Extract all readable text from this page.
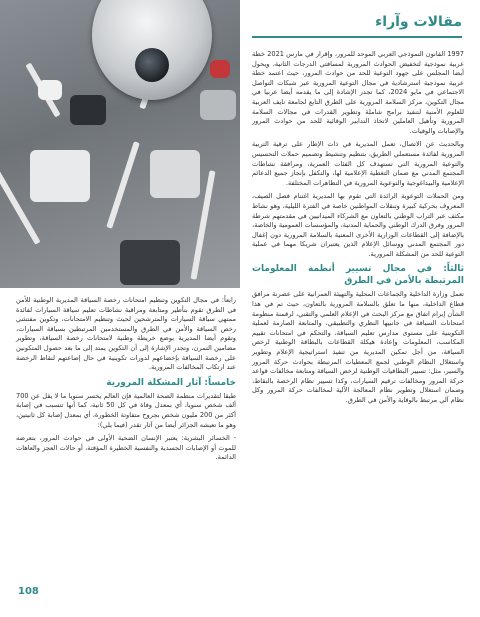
مقالات وآراء

1997 الفانون النموذجي العربي الموحد للمرور، وإقرار في مارس 2021 خطة عربية نموذجية لتخفيض الحوادث المرورية لمسافتي الدرجات الثانية، ويحول أيضا المجلس على جهود التوعية للحد من حوادث المرور، حيث اعتمد خطة عربية نموذجية استرشادية في مجال التوعية المرورية عبر شبكات التواصل الاجتماعي في مايو 2024، كما تجدر الإشادة إلى ما يقدمه أيضا عربيا في مجال التكوين، مركز السلامة المرورية على الطرق التابع لجامعة نايف العربية للعلوم الأمنية لتنفيذ برامج شاملة وتطوير القدرات في مجالات السلامة المرورية وتأهيل العاملين لاتخاذ التدابير الوقائية للحد من حوادث المرور والإصابات والوفيات.

وبالحديث عن الاتصال، تعمل المديرية في ذات الإطار على ترقية التربية المرورية لفائدة مستعملي الطريق، بتنظيم وتنشيط وتصميم حملات التحسيس والتوعية المرورية التي تستهدف كل الفئات العمرية، ومرافقة نشاطات المجتمع المدني مع ضمان التغطية الإعلامية لها، والتكفل بإنجاز جميع الدعائم الإعلامية والبيداغوجية والتوعوية المرورية في التظاهرات المختلفة.

ومن الحملات التوعوية الرائدة التي تقوم بها المديرية اغتنام فصل الصيف، المعروف بحركية كبيرة وتنقلات المواطنين خاصة في الفترة الليلية، وهو نشاط مكثف عبر التراب الوطني بالتعاون مع الشركاء الميدانيين في مقدمتهم شرطة المرور وفرق الدرك الوطني والحماية المدنية، والمؤسسات العمومية والخاصة، بالإضافة إلى القطاعات الوزارية الأخرى المعنية بالسلامة المرورية دون إغفال دور المجتمع المدني ووسائل الإعلام الذين يعتبران شريكا مهما في عملية التوعية للحد من المشكلة المرورية.

ثالثاً: في مجال تسيير أنظمة المعلومات المرتبطة بالأمن في الطرق

تعمل وزارة الداخلية والجماعات المحلية والتهيئة العمرانية على عصرنة مرافق قطاع الداخلية، منها ما تعلق بالسلامة المرورية بالتعاون، حيث تم في هذا الشأن إبرام اتفاق مع مركز البحث في الإعلام العلمي والتقني، لرقمنة منظومة امتحانات السياقة في جانبيها النظري والتطبيقي، والمتابعة الصارمة لعملية التكوينية على مستوى مدارس تعليم السياقة، والتحكم في امتحانات تقييم المكاسب، المعلومات وإعادة هيكلة القطاعات بالبطاقة الوطنية لرخص السياقة، من أجل تمكين المديرية من تنفيذ استراتيجية الإعلام وتطوير واستغلال النظام الوطني لجمع المعطيات المرتبطة بحوادث حركة المرور والسير، مثل: تسيير البطاقيات الوطنية لرخص السياقة ومتابعة مخالفات قواعد حركة المرور ومخالفات ترقيم السيارات، وكذا تسيير نظام الرخصة بالنقاط، وضمان استغلال وتطوير نظام المعالجة الآلية لمخالفات حركة المرور وكل نظام آلي مرتبط بالوقاية والأمن في الطرق.

رابعاً: في مجال التكوين وتنظيم امتحانات رخصة السياقة المديرية الوطنية للأمن في الطرق تقوم بتأطير ومتابعة ومراقبة نشاطات تعليم سياقة السيارات لفائدة ممتهي سياقة السيارات والمترشحين لحيث وتنظيم الامتحانات، وتكوين مفتشي رخص السياقة والأمن في الطرق والمستخدمين المرتبطين بسياقة السيارات، وتقوم أيضا المديرية بوضع خريطة وطنية لامتحانات رخصة السياقة، وتطوير مضامين التمرن، وتجدر الإشارة إلى أن التكوين يمتد إلى ما بعد حصول المتكونين على رخصة السياقة بإخضاعهم لدورات تكوينية في حال إضاعتهم لنقاط الرخصة عند ارتكاب المخالفات المرورية.

خامساً: آثار المشكلة المرورية

طبقا لتقديرات منظمة الصحة العالمية فإن العالم يخسر سنويا ما لا يقل عن 700 ألف شخص سنويا، أي بمعدل وفاة في كل 50 ثانية، كما أنها تتسبب في إصابة أكثر من 200 مليون شخص بجروح متفاوتة الخطورة، أي بمعدل إصابة كل ثانيتين، وهو ما تعيشه الجزائر أيضا من آثار تقدر (فيما يلي):

- الخسائر البشرية: يعتبر الإنسان الضحية الأولى في حوادث المرور، بتعرضه للموت أو الإصابات الجسدية والنفسية الخطيرة المؤقتة، أو حالات العجز والعاهات الدائمة.

108
